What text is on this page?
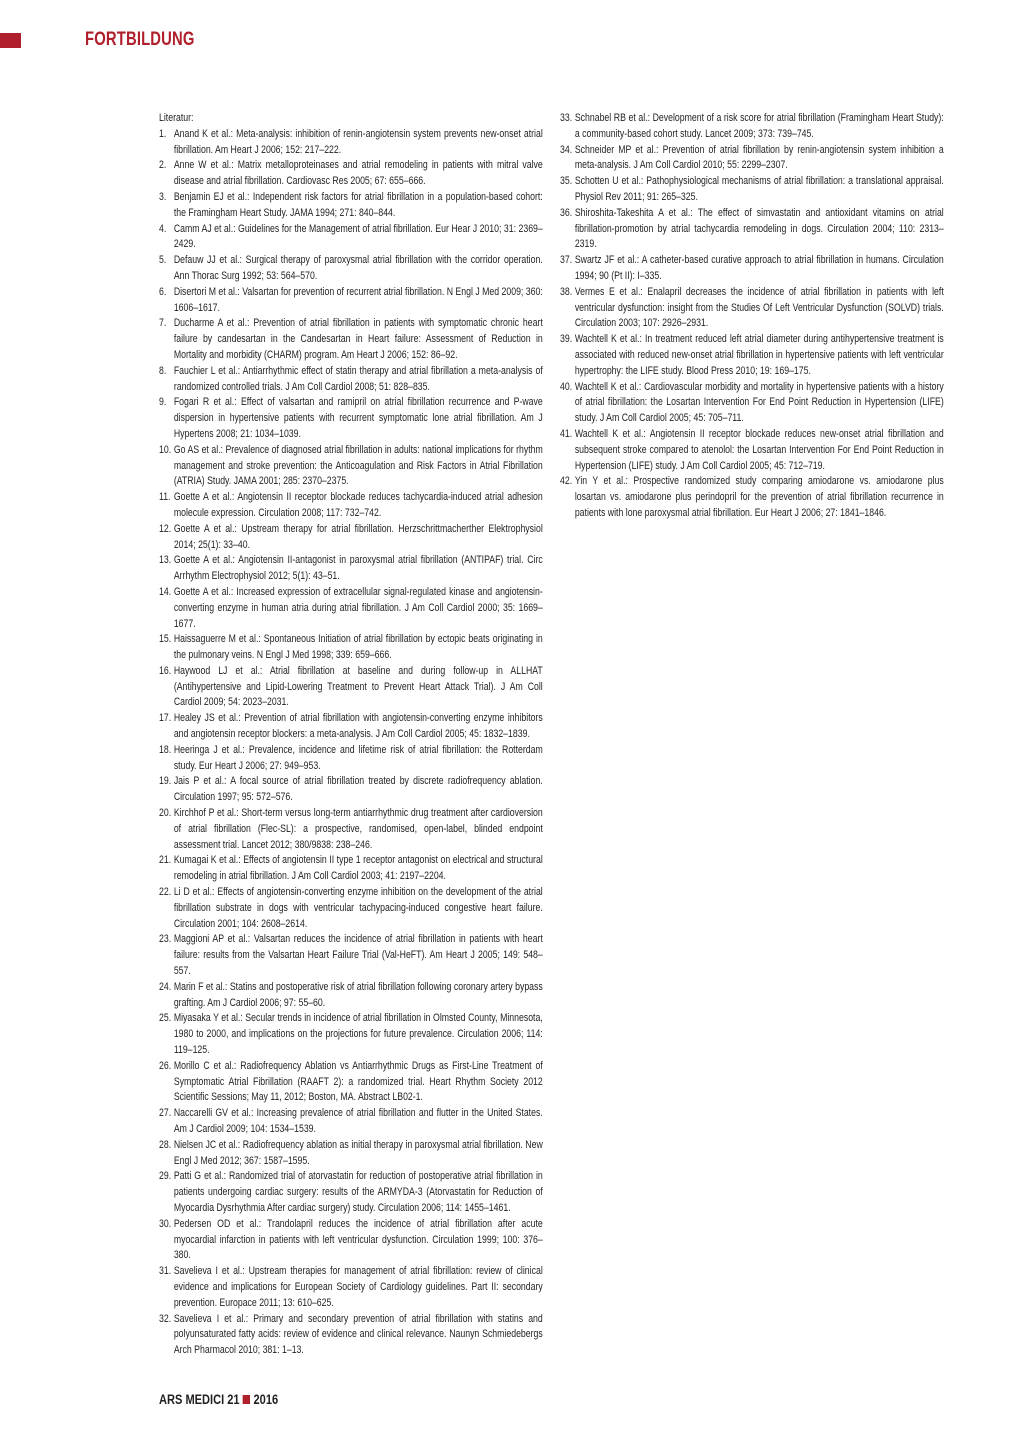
FORTBILDUNG

Literatur:

1. Anand K et al.: Meta-analysis: inhibition of renin-angiotensin system prevents new-onset atrial fibrillation. Am Heart J 2006; 152: 217–222.
2. Anne W et al.: Matrix metalloproteinases and atrial remodeling in patients with mitral valve disease and atrial fibrillation. Cardiovasc Res 2005; 67: 655–666.
3. Benjamin EJ et al.: Independent risk factors for atrial fibrillation in a population-based cohort: the Framingham Heart Study. JAMA 1994; 271: 840–844.
4. Camm AJ et al.: Guidelines for the Management of atrial fibrillation. Eur Hear J 2010; 31: 2369–2429.
5. Defauw JJ et al.: Surgical therapy of paroxysmal atrial fibrillation with the corridor operation. Ann Thorac Surg 1992; 53: 564–570.
6. Disertori M et al.: Valsartan for prevention of recurrent atrial fibrillation. N Engl J Med 2009; 360: 1606–1617.
7. Ducharme A et al.: Prevention of atrial fibrillation in patients with symptomatic chronic heart failure by candesartan in the Candesartan in Heart failure: Assessment of Reduction in Mortality and morbidity (CHARM) program. Am Heart J 2006; 152: 86–92.
8. Fauchier L et al.: Antiarrhythmic effect of statin therapy and atrial fibrillation a meta-analysis of randomized controlled trials. J Am Coll Cardiol 2008; 51: 828–835.
9. Fogari R et al.: Effect of valsartan and ramipril on atrial fibrillation recurrence and P-wave dispersion in hypertensive patients with recurrent symptomatic lone atrial fibrillation. Am J Hypertens 2008; 21: 1034–1039.
10. Go AS et al.: Prevalence of diagnosed atrial fibrillation in adults: national implications for rhythm management and stroke prevention: the Anticoagulation and Risk Factors in Atrial Fibrillation (ATRIA) Study. JAMA 2001; 285: 2370–2375.
11. Goette A et al.: Angiotensin II receptor blockade reduces tachycardia-induced atrial adhesion molecule expression. Circulation 2008; 117: 732–742.
12. Goette A et al.: Upstream therapy for atrial fibrillation. Herzschrittmacherther Elektrophysiol 2014; 25(1): 33–40.
13. Goette A et al.: Angiotensin II-antagonist in paroxysmal atrial fibrillation (ANTIPAF) trial. Circ Arrhythm Electrophysiol 2012; 5(1): 43–51.
14. Goette A et al.: Increased expression of extracellular signal-regulated kinase and angiotensin-converting enzyme in human atria during atrial fibrillation. J Am Coll Cardiol 2000; 35: 1669–1677.
15. Haissaguerre M et al.: Spontaneous Initiation of atrial fibrillation by ectopic beats originating in the pulmonary veins. N Engl J Med 1998; 339: 659–666.
16. Haywood LJ et al.: Atrial fibrillation at baseline and during follow-up in ALLHAT (Antihypertensive and Lipid-Lowering Treatment to Prevent Heart Attack Trial). J Am Coll Cardiol 2009; 54: 2023–2031.
17. Healey JS et al.: Prevention of atrial fibrillation with angiotensin-converting enzyme inhibitors and angiotensin receptor blockers: a meta-analysis. J Am Coll Cardiol 2005; 45: 1832–1839.
18. Heeringa J et al.: Prevalence, incidence and lifetime risk of atrial fibrillation: the Rotterdam study. Eur Heart J 2006; 27: 949–953.
19. Jais P et al.: A focal source of atrial fibrillation treated by discrete radiofrequency ablation. Circulation 1997; 95: 572–576.
20. Kirchhof P et al.: Short-term versus long-term antiarrhythmic drug treatment after cardioversion of atrial fibrillation (Flec-SL): a prospective, randomised, open-label, blinded endpoint assessment trial. Lancet 2012; 380/9838: 238–246.
21. Kumagai K et al.: Effects of angiotensin II type 1 receptor antagonist on electrical and structural remodeling in atrial fibrillation. J Am Coll Cardiol 2003; 41: 2197–2204.
22. Li D et al.: Effects of angiotensin-converting enzyme inhibition on the development of the atrial fibrillation substrate in dogs with ventricular tachypacing-induced congestive heart failure. Circulation 2001; 104: 2608–2614.
23. Maggioni AP et al.: Valsartan reduces the incidence of atrial fibrillation in patients with heart failure: results from the Valsartan Heart Failure Trial (Val-HeFT). Am Heart J 2005; 149: 548–557.
24. Marin F et al.: Statins and postoperative risk of atrial fibrillation following coronary artery bypass grafting. Am J Cardiol 2006; 97: 55–60.
25. Miyasaka Y et al.: Secular trends in incidence of atrial fibrillation in Olmsted County, Minnesota, 1980 to 2000, and implications on the projections for future prevalence. Circulation 2006; 114: 119–125.
26. Morillo C et al.: Radiofrequency Ablation vs Antiarrhythmic Drugs as First-Line Treatment of Symptomatic Atrial Fibrillation (RAAFT 2): a randomized trial. Heart Rhythm Society 2012 Scientific Sessions; May 11, 2012; Boston, MA. Abstract LB02-1.
27. Naccarelli GV et al.: Increasing prevalence of atrial fibrillation and flutter in the United States. Am J Cardiol 2009; 104: 1534–1539.
28. Nielsen JC et al.: Radiofrequency ablation as initial therapy in paroxysmal atrial fibrillation. New Engl J Med 2012; 367: 1587–1595.
29. Patti G et al.: Randomized trial of atorvastatin for reduction of postoperative atrial fibrillation in patients undergoing cardiac surgery: results of the ARMYDA-3 (Atorvastatin for Reduction of Myocardia Dysrhythmia After cardiac surgery) study. Circulation 2006; 114: 1455–1461.
30. Pedersen OD et al.: Trandolapril reduces the incidence of atrial fibrillation after acute myocardial infarction in patients with left ventricular dysfunction. Circulation 1999; 100: 376–380.
31. Savelieva I et al.: Upstream therapies for management of atrial fibrillation: review of clinical evidence and implications for European Society of Cardiology guidelines. Part II: secondary prevention. Europace 2011; 13: 610–625.
32. Savelieva I et al.: Primary and secondary prevention of atrial fibrillation with statins and polyunsaturated fatty acids: review of evidence and clinical relevance. Naunyn Schmiedebergs Arch Pharmacol 2010; 381: 1–13.
33. Schnabel RB et al.: Development of a risk score for atrial fibrillation (Framingham Heart Study): a community-based cohort study. Lancet 2009; 373: 739–745.
34. Schneider MP et al.: Prevention of atrial fibrillation by renin-angiotensin system inhibition a meta-analysis. J Am Coll Cardiol 2010; 55: 2299–2307.
35. Schotten U et al.: Pathophysiological mechanisms of atrial fibrillation: a translational appraisal. Physiol Rev 2011; 91: 265–325.
36. Shiroshita-Takeshita A et al.: The effect of simvastatin and antioxidant vitamins on atrial fibrillation-promotion by atrial tachycardia remodeling in dogs. Circulation 2004; 110: 2313–2319.
37. Swartz JF et al.: A catheter-based curative approach to atrial fibrillation in humans. Circulation 1994; 90 (Pt II): I–335.
38. Vermes E et al.: Enalapril decreases the incidence of atrial fibrillation in patients with left ventricular dysfunction: insight from the Studies Of Left Ventricular Dysfunction (SOLVD) trials. Circulation 2003; 107: 2926–2931.
39. Wachtell K et al.: In treatment reduced left atrial diameter during antihypertensive treatment is associated with reduced new-onset atrial fibrillation in hypertensive patients with left ventricular hypertrophy: the LIFE study. Blood Press 2010; 19: 169–175.
40. Wachtell K et al.: Cardiovascular morbidity and mortality in hypertensive patients with a history of atrial fibrillation: the Losartan Intervention For End Point Reduction in Hypertension (LIFE) study. J Am Coll Cardiol 2005; 45: 705–711.
41. Wachtell K et al.: Angiotensin II receptor blockade reduces new-onset atrial fibrillation and subsequent stroke compared to atenolol: the Losartan Intervention For End Point Reduction in Hypertension (LIFE) study. J Am Coll Cardiol 2005; 45: 712–719.
42. Yin Y et al.: Prospective randomized study comparing amiodarone vs. amiodarone plus losartan vs. amiodarone plus perindopril for the prevention of atrial fibrillation recurrence in patients with lone paroxysmal atrial fibrillation. Eur Heart J 2006; 27: 1841–1846.
ARS MEDICI 21 2016
